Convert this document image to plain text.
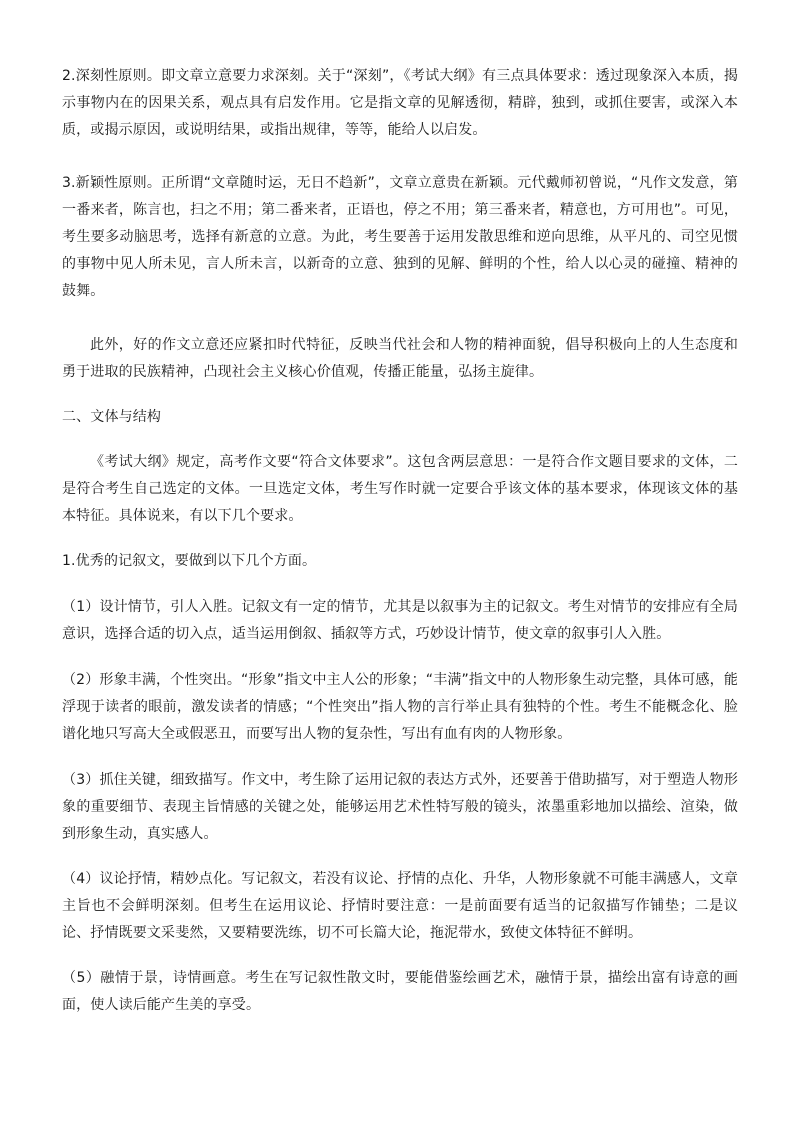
2.深刻性原则。即文章立意要力求深刻。关于“深刻”，《考试大纲》有三点具体要求：透过现象深入本质，揭示事物内在的因果关系，观点具有启发作用。它是指文章的见解透彻，精辟，独到，或抓住要害，或深入本质，或揭示原因，或说明结果，或指出规律，等等，能给人以启发。

3.新颖性原则。正所谓“文章随时运，无日不趋新”，文章立意贵在新颖。元代戴师初曾说，“凡作文发意，第一番来者，陈言也，扫之不用；第二番来者，正语也，停之不用；第三番来者，精意也，方可用也”。可见，考生要多动脑思考，选择有新意的立意。为此，考生要善于运用发散思维和逆向思维，从平凡的、司空见惯的事物中见人所未见，言人所未言，以新奇的立意、独到的见解、鲜明的个性，给人以心灵的碰撞、精神的鼓舞。

此外，好的作文立意还应紧扣时代特征，反映当代社会和人物的精神面貌，倡导积极向上的人生态度和勇于进取的民族精神，凸现社会主义核心价值观，传播正能量，弘扬主旋律。

二、文体与结构

《考试大纲》规定，高考作文要“符合文体要求”。这包含两层意思：一是符合作文题目要求的文体，二是符合考生自己选定的文体。一旦选定文体，考生写作时就一定要合乎该文体的基本要求，体现该文体的基本特征。具体说来，有以下几个要求。

1.优秀的记叙文，要做到以下几个方面。

（1）设计情节，引人入胜。记叙文有一定的情节，尤其是以叙事为主的记叙文。考生对情节的安排应有全局意识，选择合适的切入点，适当运用倒叙、插叙等方式，巧妙设计情节，使文章的叙事引人入胜。

（2）形象丰满，个性突出。“形象”指文中主人公的形象；“丰满”指文中的人物形象生动完整，具体可感，能浮现于读者的眼前，激发读者的情感；“个性突出”指人物的言行举止具有独特的个性。考生不能概念化、脸谱化地只写高大全或假恶丑，而要写出人物的复杂性，写出有血有肉的人物形象。

（3）抓住关键，细致描写。作文中，考生除了运用记叙的表达方式外，还要善于借助描写，对于塑造人物形象的重要细节、表现主旨情感的关键之处，能够运用艺术性特写般的镜头，浓墨重彩地加以描绘、渲染，做到形象生动，真实感人。

（4）议论抒情，精妙点化。写记叙文，若没有议论、抒情的点化、升华，人物形象就不可能丰满感人，文章主旨也不会鲜明深刻。但考生在运用议论、抒情时要注意：一是前面要有适当的记叙描写作铺垫；二是议论、抒情既要文采斐然，又要精要洗练，切不可长篇大论，拖泥带水，致使文体特征不鲜明。

（5）融情于景，诗情画意。考生在写记叙性散文时，要能借鉴绘画艺术，融情于景，描绘出富有诗意的画面，使人读后能产生美的享受。
